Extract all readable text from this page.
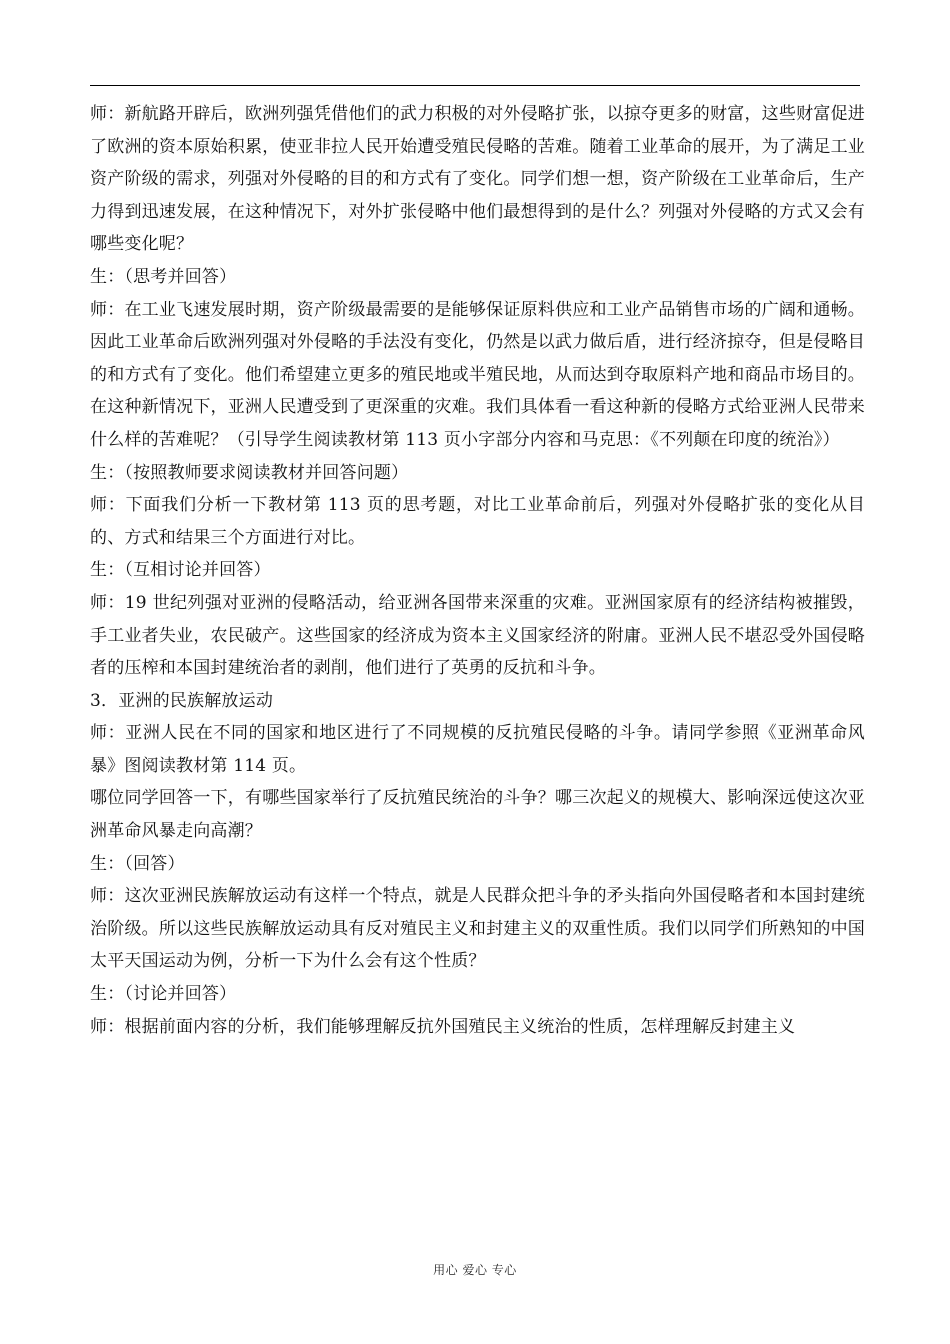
师：新航路开辟后，欧洲列强凭借他们的武力积极的对外侵略扩张，以掠夺更多的财富，这些财富促进了欧洲的资本原始积累，使亚非拉人民开始遭受殖民侵略的苦难。随着工业革命的展开，为了满足工业资产阶级的需求，列强对外侵略的目的和方式有了变化。同学们想一想，资产阶级在工业革命后，生产力得到迅速发展，在这种情况下，对外扩张侵略中他们最想得到的是什么？列强对外侵略的方式又会有哪些变化呢？

生：（思考并回答）

师：在工业飞速发展时期，资产阶级最需要的是能够保证原料供应和工业产品销售市场的广阔和通畅。因此工业革命后欧洲列强对外侵略的手法没有变化，仍然是以武力做后盾，进行经济掠夺，但是侵略目的和方式有了变化。他们希望建立更多的殖民地或半殖民地，从而达到夺取原料产地和商品市场目的。在这种新情况下，亚洲人民遭受到了更深重的灾难。我们具体看一看这种新的侵略方式给亚洲人民带来什么样的苦难呢？（引导学生阅读教材第 113 页小字部分内容和马克思：《不列颠在印度的统治》）

生：（按照教师要求阅读教材并回答问题）

师：下面我们分析一下教材第 113 页的思考题，对比工业革命前后，列强对外侵略扩张的变化从目的、方式和结果三个方面进行对比。

生：（互相讨论并回答）

师：19 世纪列强对亚洲的侵略活动，给亚洲各国带来深重的灾难。亚洲国家原有的经济结构被摧毁，手工业者失业，农民破产。这些国家的经济成为资本主义国家经济的附庸。亚洲人民不堪忍受外国侵略者的压榨和本国封建统治者的剥削，他们进行了英勇的反抗和斗争。

3．亚洲的民族解放运动

师：亚洲人民在不同的国家和地区进行了不同规模的反抗殖民侵略的斗争。请同学参照《亚洲革命风暴》图阅读教材第 114 页。

哪位同学回答一下，有哪些国家举行了反抗殖民统治的斗争？哪三次起义的规模大、影响深远使这次亚洲革命风暴走向高潮？

生：（回答）

师：这次亚洲民族解放运动有这样一个特点，就是人民群众把斗争的矛头指向外国侵略者和本国封建统治阶级。所以这些民族解放运动具有反对殖民主义和封建主义的双重性质。我们以同学们所熟知的中国太平天国运动为例，分析一下为什么会有这个性质？

生：（讨论并回答）

师：根据前面内容的分析，我们能够理解反抗外国殖民主义统治的性质，怎样理解反封建主义

用心 爱心 专心
